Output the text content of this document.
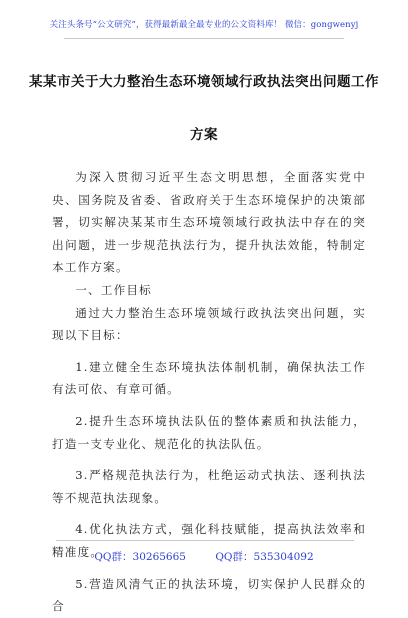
关注头条号“公文研究”，获得最新最全最专业的公文资料库！ 微信：gongwenyj
某某市关于大力整治生态环境领域行政执法突出问题工作
方案

为深入贯彻习近平生态文明思想，全面落实党中央、国务院及省委、省政府关于生态环境保护的决策部署，切实解决某某市生态环境领域行政执法中存在的突出问题，进一步规范执法行为，提升执法效能，特制定本工作方案。

一、工作目标

通过大力整治生态环境领域行政执法突出问题，实现以下目标：

1.建立健全生态环境执法体制机制，确保执法工作有法可依、有章可循。

2.提升生态环境执法队伍的整体素质和执法能力，打造一支专业化、规范化的执法队伍。

3.严格规范执法行为，杜绝运动式执法、逐利执法等不规范执法现象。

4.优化执法方式，强化科技赋能，提高执法效率和精准度。

5.营造风清气正的执法环境，切实保护人民群众的合

QQ群：30265665	QQ群：535304092
